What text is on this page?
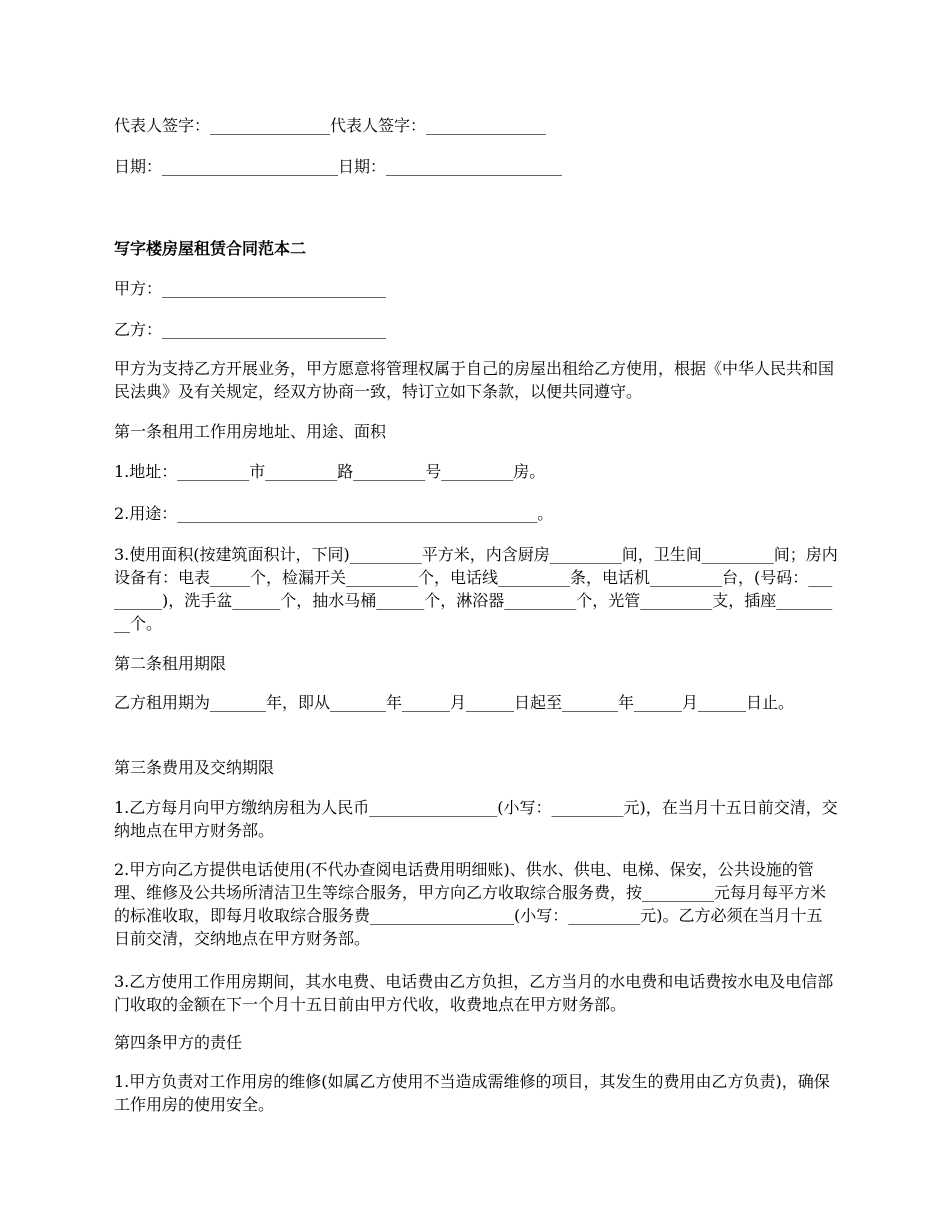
代表人签字：_______________代表人签字：_______________

日期：______________________日期：______________________

写字楼房屋租赁合同范本二

甲方：____________________________

乙方：____________________________

甲方为支持乙方开展业务，甲方愿意将管理权属于自己的房屋出租给乙方使用，根据《中华人民共和国民法典》及有关规定，经双方协商一致，特订立如下条款，以便共同遵守。

第一条租用工作用房地址、用途、面积

1.地址：_________市_________路_________号_________房。

2.用途：_____________________________________________。

3.使用面积(按建筑面积计，下同)_________平方米，内含厨房_________间，卫生间_________间；房内设备有：电表_____个，检漏开关_________个，电话线_________条，电话机_________台，(号码：_________)，洗手盆______个，抽水马桶______个，淋浴器_________个，光管_________支，插座_________个。

第二条租用期限

乙方租用期为_______年，即从_______年______月______日起至_______年______月______日止。

第三条费用及交纳期限

1.乙方每月向甲方缴纳房租为人民币________________(小写：_________元)，在当月十五日前交清，交纳地点在甲方财务部。

2.甲方向乙方提供电话使用(不代办查阅电话费用明细账)、供水、供电、电梯、保安，公共设施的管理、维修及公共场所清洁卫生等综合服务，甲方向乙方收取综合服务费，按_________元每月每平方米的标准收取，即每月收取综合服务费__________________(小写：_________元)。乙方必须在当月十五日前交清，交纳地点在甲方财务部。

3.乙方使用工作用房期间，其水电费、电话费由乙方负担，乙方当月的水电费和电话费按水电及电信部门收取的金额在下一个月十五日前由甲方代收，收费地点在甲方财务部。

第四条甲方的责任

1.甲方负责对工作用房的维修(如属乙方使用不当造成需维修的项目，其发生的费用由乙方负责)，确保工作用房的使用安全。
